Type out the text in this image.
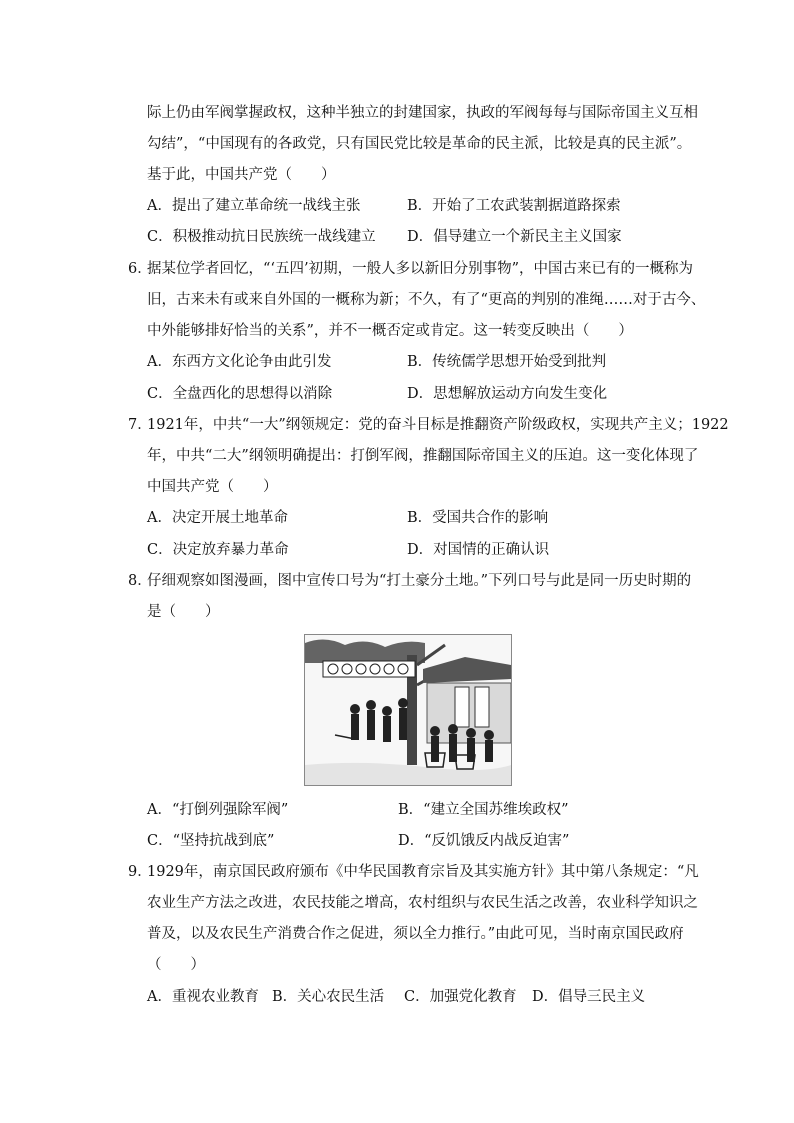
际上仍由军阀掌握政权，这种半独立的封建国家，执政的军阀每每与国际帝国主义互相
勾结”，“中国现有的各政党，只有国民党比较是革命的民主派，比较是真的民主派”。
基于此，中国共产党（　　）
A．提出了建立革命统一战线主张	B．开始了工农武装割据道路探索
C．积极推动抗日民族统一战线建立 D．倡导建立一个新民主主义国家
6．
据某位学者回忆，“‘五四’初期，一般人多以新旧分别事物”，中国古来已有的一概称为
旧，古来未有或来自外国的一概称为新；不久，有了“更高的判别的准绳……对于古今、
中外能够排好恰当的关系”，并不一概否定或肯定。这一转变反映出（　　）
A．东西方文化论争由此引发	B．传统儒学思想开始受到批判
C．全盘西化的思想得以消除	D．思想解放运动方向发生变化
7．
1921年，中共“一大”纲领规定：党的奋斗目标是推翻资产阶级政权，实现共产主义；1922
年，中共“二大”纲领明确提出：打倒军阀，推翻国际帝国主义的压迫。这一变化体现了
中国共产党（　　）
A．决定开展土地革命	B．受国共合作的影响
C．决定放弃暴力革命	D．对国情的正确认识
8．
仔细观察如图漫画，图中宣传口号为“打土豪分土地。”下列口号与此是同一历史时期的
是（　　）
A．“打倒列强除军阀”	B．“建立全国苏维埃政权”
C．“坚持抗战到底”	D．“反饥饿反内战反迫害”
9．
1929年，南京国民政府颁布《中华民国教育宗旨及其实施方针》其中第八条规定：“凡
农业生产方法之改进，农民技能之增高，农村组织与农民生活之改善，农业科学知识之
普及，以及农民生产消费合作之促进，须以全力推行。”由此可见，当时南京国民政府
（　　）
A．重视农业教育 B．关心农民生活 C．加强党化教育 D．倡导三民主义
